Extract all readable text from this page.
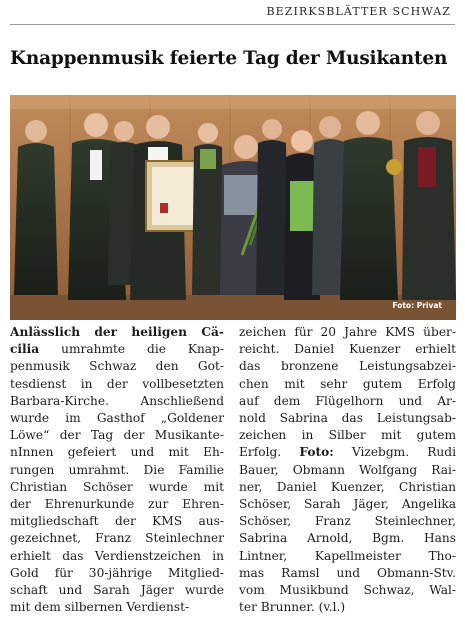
BEZIRKSBLÄTTER SCHWAZ
Knappenmusik feierte Tag der Musikanten
Foto: Privat
Anlässlich der heiligen Cä-
cilia umrahmte die Knap-
penmusik Schwaz den Got-
tesdienst in der vollbesetzten
Barbara-Kirche. Anschließend
wurde im Gasthof „Goldener
Löwe“ der Tag der Musikante-
nInnen gefeiert und mit Eh-
rungen umrahmt. Die Familie
Christian Schöser wurde mit
der Ehrenurkunde zur Ehren-
mitgliedschaft der KMS aus-
gezeichnet, Franz Steinlechner
erhielt das Verdienstzeichen in
Gold für 30-jährige Mitglied-
schaft und Sarah Jäger wurde
mit dem silbernen Verdienst-
zeichen für 20 Jahre KMS über-
reicht. Daniel Kuenzer erhielt
das bronzene Leistungsabzei-
chen mit sehr gutem Erfolg
auf dem Flügelhorn und Ar-
nold Sabrina das Leistungsab-
zeichen in Silber mit gutem
Erfolg. Foto: Vizebgm. Rudi
Bauer, Obmann Wolfgang Rai-
ner, Daniel Kuenzer, Christian
Schöser, Sarah Jäger, Angelika
Schöser, Franz Steinlechner,
Sabrina Arnold, Bgm. Hans
Lintner, Kapellmeister Tho-
mas Ramsl und Obmann-Stv.
vom Musikbund Schwaz, Wal-
ter Brunner. (v.l.)
